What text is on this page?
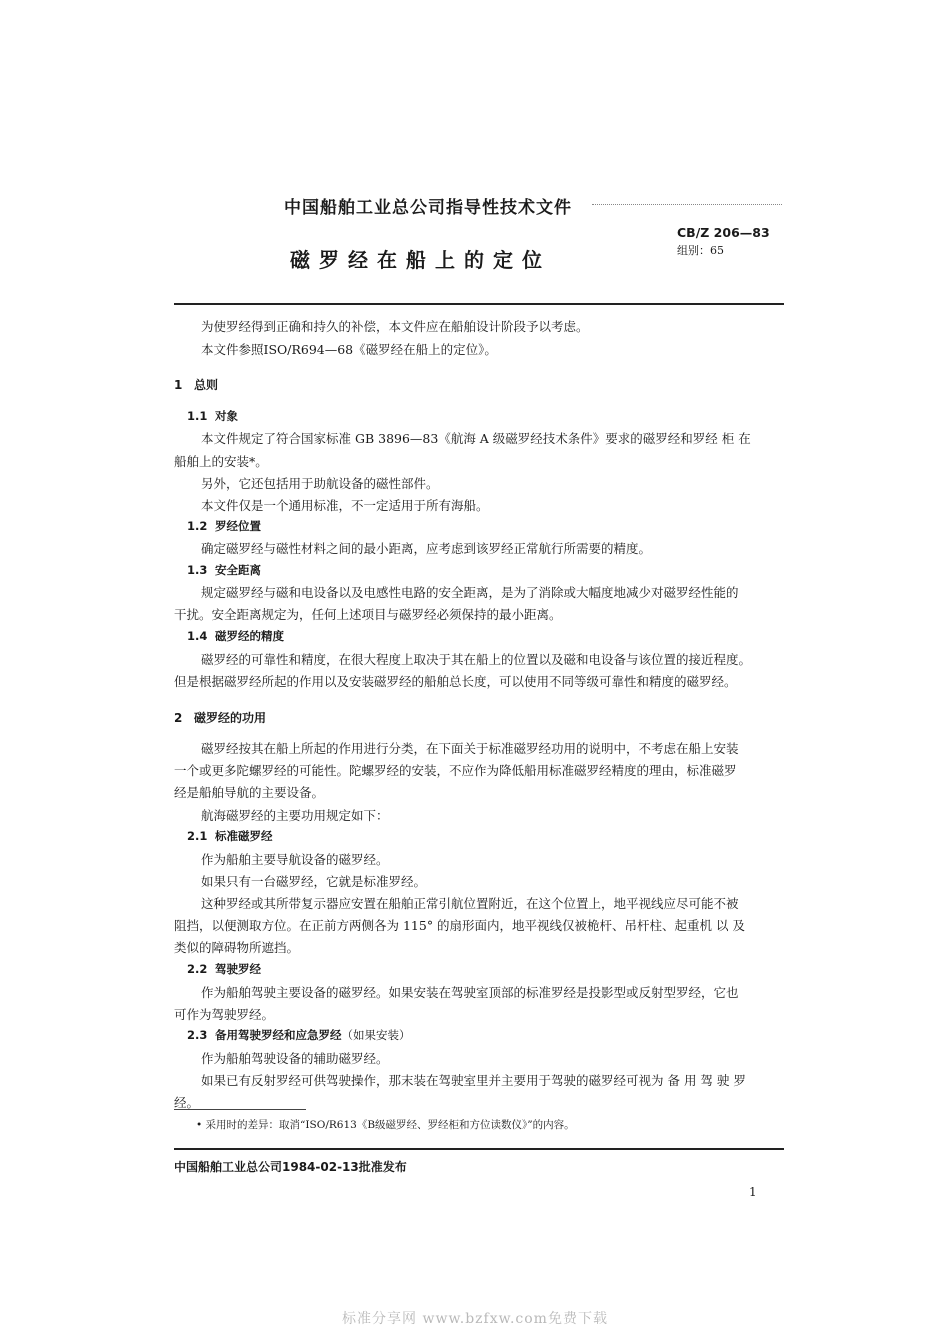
中国船舶工业总公司指导性技术文件
CB/Z 206—83
组别：65
磁罗经在船上的定位
为使罗经得到正确和持久的补偿，本文件应在船舶设计阶段予以考虑。
本文件参照ISO/R694—68《磁罗经在船上的定位》。
1 总则
1.1 对象
本文件规定了符合国家标准 GB 3896—83《航海 A 级磁罗经技术条件》要求的磁罗经和罗经 柜 在
船舶上的安装*。
另外，它还包括用于助航设备的磁性部件。
本文件仅是一个通用标准，不一定适用于所有海船。
1.2 罗经位置
确定磁罗经与磁性材料之间的最小距离，应考虑到该罗经正常航行所需要的精度。
1.3 安全距离
规定磁罗经与磁和电设备以及电感性电路的安全距离，是为了消除或大幅度地减少对磁罗经性能的
干扰。安全距离规定为，任何上述项目与磁罗经必须保持的最小距离。
1.4 磁罗经的精度
磁罗经的可靠性和精度，在很大程度上取决于其在船上的位置以及磁和电设备与该位置的接近程度。
但是根据磁罗经所起的作用以及安装磁罗经的船舶总长度，可以使用不同等级可靠性和精度的磁罗经。
2 磁罗经的功用
磁罗经按其在船上所起的作用进行分类，在下面关于标准磁罗经功用的说明中，不考虑在船上安装
一个或更多陀螺罗经的可能性。陀螺罗经的安装，不应作为降低船用标准磁罗经精度的理由，标准磁罗
经是船舶导航的主要设备。
航海磁罗经的主要功用规定如下：
2.1 标准磁罗经
作为船舶主要导航设备的磁罗经。
如果只有一台磁罗经，它就是标准罗经。
这种罗经或其所带复示器应安置在船舶正常引航位置附近，在这个位置上，地平视线应尽可能不被
阻挡，以便测取方位。在正前方两侧各为 115° 的扇形面内，地平视线仅被桅杆、吊杆柱、起重机 以 及
类似的障碍物所遮挡。
2.2 驾驶罗经
作为船舶驾驶主要设备的磁罗经。如果安装在驾驶室顶部的标准罗经是投影型或反射型罗经，它也
可作为驾驶罗经。
2.3 备用驾驶罗经和应急罗经（如果安装）
作为船舶驾驶设备的辅助磁罗经。
如果已有反射罗经可供驾驶操作，那末装在驾驶室里并主要用于驾驶的磁罗经可视为 备 用 驾 驶 罗
经。
• 采用时的差异：取消“ISO/R613《B级磁罗经、罗经柜和方位读数仪》”的内容。
中国船舶工业总公司1984-02-13批准发布
1
标准分享网 www.bzfxw.com免费下载
